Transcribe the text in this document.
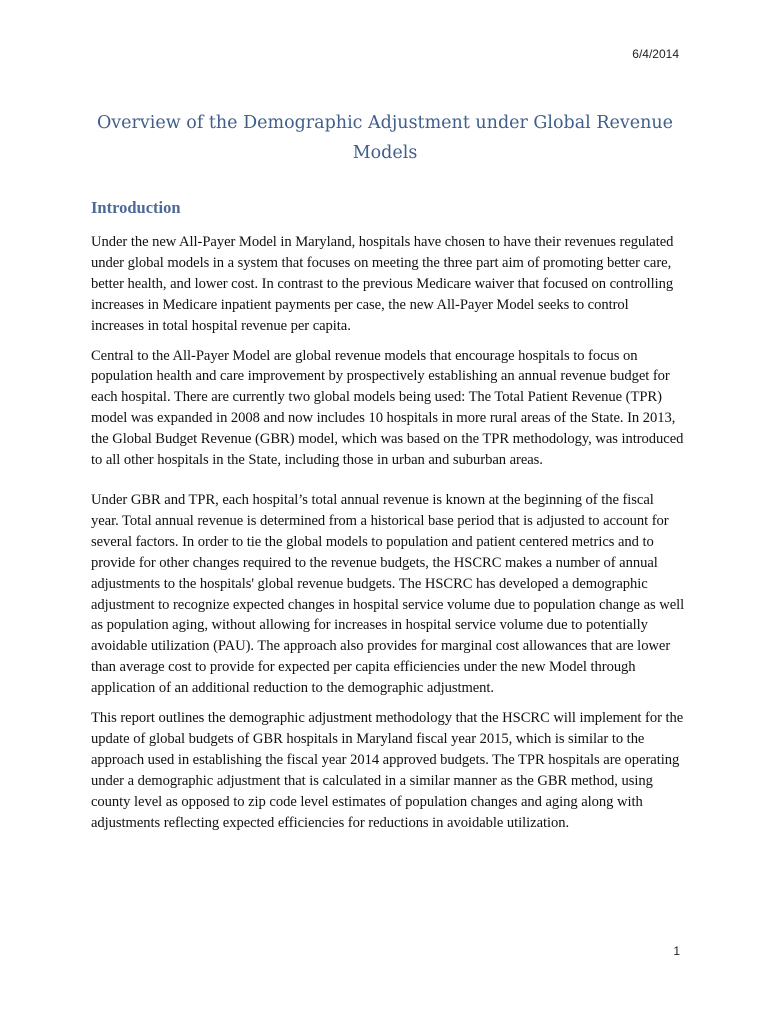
6/4/2014
Overview of the Demographic Adjustment under Global Revenue Models
Introduction

Under the new All-Payer Model in Maryland, hospitals have chosen to have their revenues regulated under global models in a system that focuses on meeting the three part aim of promoting better care, better health, and lower cost. In contrast to the previous Medicare waiver that focused on controlling increases in Medicare inpatient payments per case, the new All-Payer Model seeks to control increases in total hospital revenue per capita.

Central to the All-Payer Model are global revenue models that encourage hospitals to focus on population health and care improvement by prospectively establishing an annual revenue budget for each hospital. There are currently two global models being used: The Total Patient Revenue (TPR) model was expanded in 2008 and now includes 10 hospitals in more rural areas of the State. In 2013, the Global Budget Revenue (GBR) model, which was based on the TPR methodology, was introduced to all other hospitals in the State, including those in urban and suburban areas.

Under GBR and TPR, each hospital’s total annual revenue is known at the beginning of the fiscal year. Total annual revenue is determined from a historical base period that is adjusted to account for several factors. In order to tie the global models to population and patient centered metrics and to provide for other changes required to the revenue budgets, the HSCRC makes a number of annual adjustments to the hospitals' global revenue budgets. The HSCRC has developed a demographic adjustment to recognize expected changes in hospital service volume due to population change as well as population aging, without allowing for increases in hospital service volume due to potentially avoidable utilization (PAU). The approach also provides for marginal cost allowances that are lower than average cost to provide for expected per capita efficiencies under the new Model through application of an additional reduction to the demographic adjustment.

This report outlines the demographic adjustment methodology that the HSCRC will implement for the update of global budgets of GBR hospitals in Maryland fiscal year 2015, which is similar to the approach used in establishing the fiscal year 2014 approved budgets. The TPR hospitals are operating under a demographic adjustment that is calculated in a similar manner as the GBR method, using county level as opposed to zip code level estimates of population changes and aging along with adjustments reflecting expected efficiencies for reductions in avoidable utilization.

1
